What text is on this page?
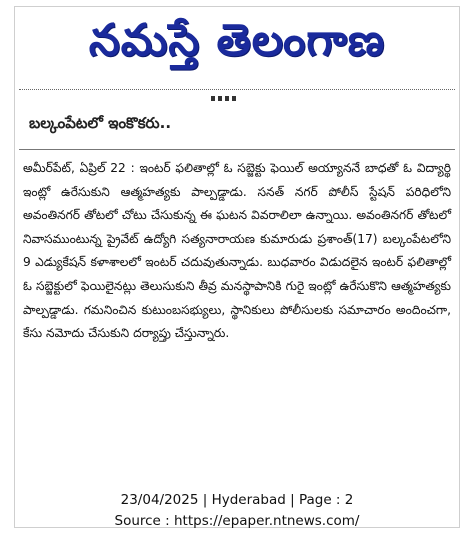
నమస్తే తెలంగాణ
బల్కంపేటలో ఇంకొకరు..

అమీర్‌పేట్‌, ఏప్రిల్‌ 22 : ఇంటర్‌ ఫలితాల్లో ఓ సబ్జెక్టు ఫెయిల్‌ అయ్యాననే బాధతో ఓ విద్యార్థి ఇంట్లో ఉరేసుకుని ఆత్మహత్యకు పాల్పడ్డాడు. సనత్‌ నగర్‌ పోలీస్‌ స్టేషన్‌ పరిధిలోని అవంతినగర్‌ తోటలో చోటు చేసుకున్న ఈ ఘటన వివరాలిలా ఉన్నాయి. అవంతినగర్‌ తోటలో నివాసముంటున్న ప్రైవేట్‌ ఉద్యోగి సత్యనారాయణ కుమారుడు ప్రశాంత్‌(17) బల్కంపేటలోని 9 ఎడ్యుకేషన్‌ కళాశాలలో ఇంటర్‌ చదువుతున్నాడు. బుధవారం విడుదలైన ఇంటర్‌ ఫలితాల్లో ఓ సబ్జెక్టులో ఫెయిలైనట్లు తెలుసుకుని తీవ్ర మనస్థాపానికి గురై ఇంట్లో ఉరేసుకొని ఆత్మహత్యకు పాల్పడ్డాడు. గమనించిన కుటుంబసభ్యులు, స్థానికులు పోలీసులకు సమాచారం అందించగా, కేసు నమోదు చేసుకుని దర్యాప్తు చేస్తున్నారు.

23/04/2025 | Hyderabad | Page : 2
Source : https://epaper.ntnews.com/
